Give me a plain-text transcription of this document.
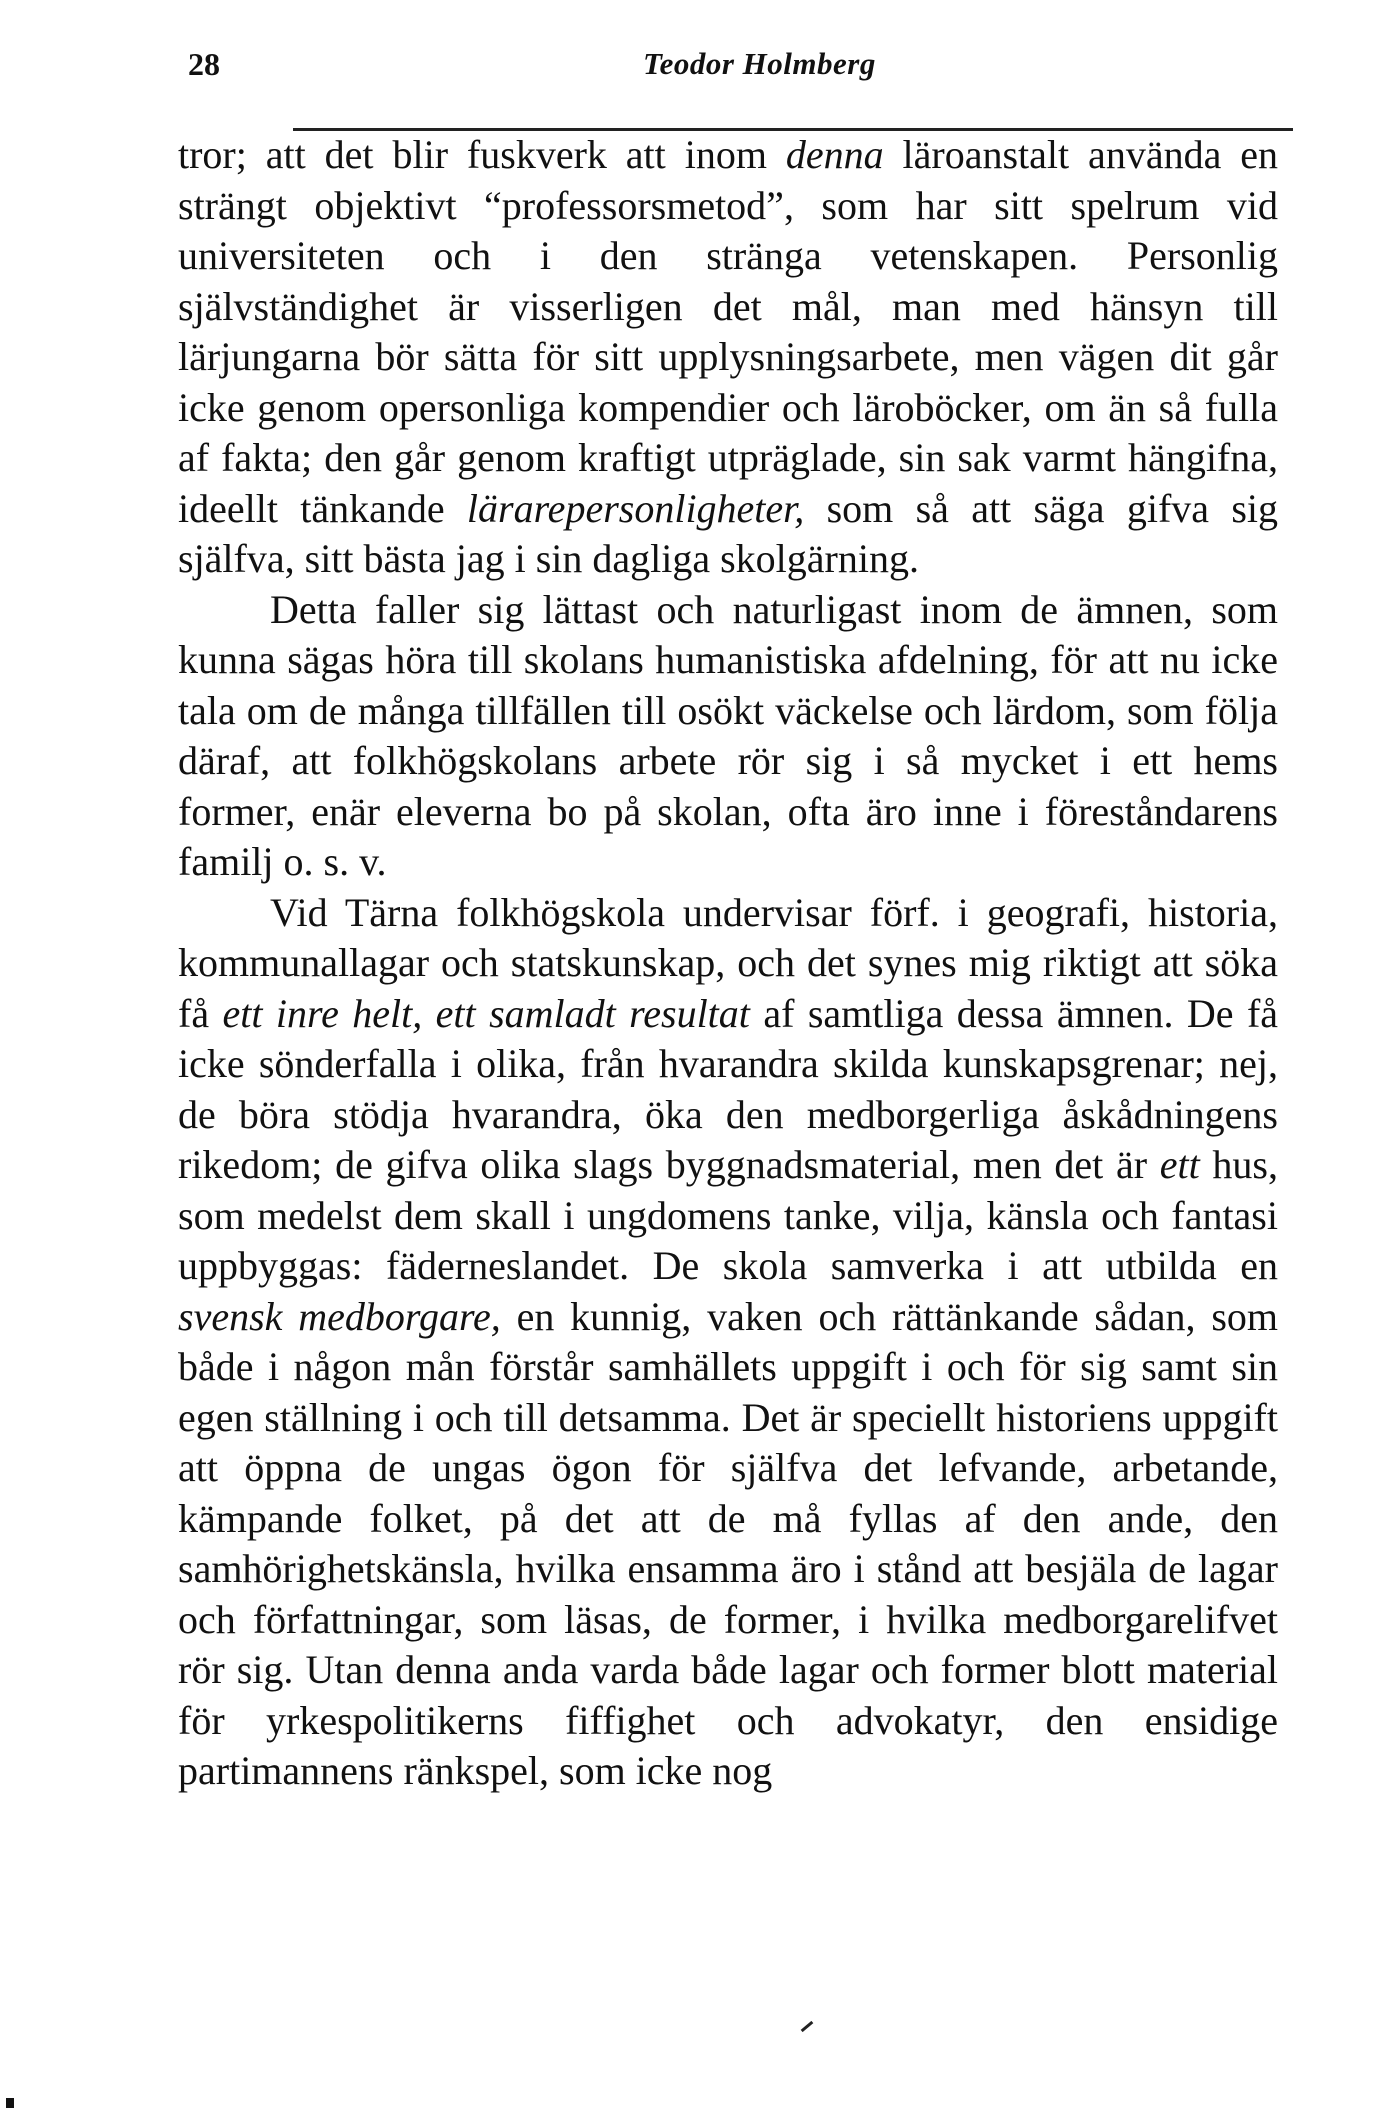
28	Teodor Holmberg

tror; att det blir fuskverk att inom denna läroanstalt använda en strängt objektivt “professorsmetod”, som har sitt spelrum vid universiteten och i den stränga vetenskapen. Personlig självständighet är visserligen det mål, man med hänsyn till lärjungarna bör sätta för sitt upplysningsarbete, men vägen dit går icke genom opersonliga kompendier och läroböcker, om än så fulla af fakta; den går genom kraftigt utpräglade, sin sak varmt hängifna, ideellt tänkande lärarepersonligheter, som så att säga gifva sig själfva, sitt bästa jag i sin dagliga skolgärning.

Detta faller sig lättast och naturligast inom de ämnen, som kunna sägas höra till skolans humanistiska afdelning, för att nu icke tala om de många tillfällen till osökt väckelse och lärdom, som följa däraf, att folkhögskolans arbete rör sig i så mycket i ett hems former, enär eleverna bo på skolan, ofta äro inne i föreståndarens familj o. s. v.

Vid Tärna folkhögskola undervisar förf. i geografi, historia, kommunallagar och statskunskap, och det synes mig riktigt att söka få ett inre helt, ett samladt resultat af samtliga dessa ämnen. De få icke sönderfalla i olika, från hvarandra skilda kunskapsgrenar; nej, de böra stödja hvarandra, öka den medborgerliga åskådningens rikedom; de gifva olika slags byggnadsmaterial, men det är ett hus, som medelst dem skall i ungdomens tanke, vilja, känsla och fantasi uppbyggas: fäderneslandet. De skola samverka i att utbilda en svensk medborgare, en kunnig, vaken och rättänkande sådan, som både i någon mån förstår samhällets uppgift i och för sig samt sin egen ställning i och till detsamma. Det är speciellt historiens uppgift att öppna de ungas ögon för själfva det lefvande, arbetande, kämpande folket, på det att de må fyllas af den ande, den samhörighetskänsla, hvilka ensamma äro i stånd att besjäla de lagar och författningar, som läsas, de former, i hvilka medborgarelifvet rör sig. Utan denna anda varda både lagar och former blott material för yrkespolitikerns fiffighet och advokatyr, den ensidige partimannens ränkspel, som icke nog
